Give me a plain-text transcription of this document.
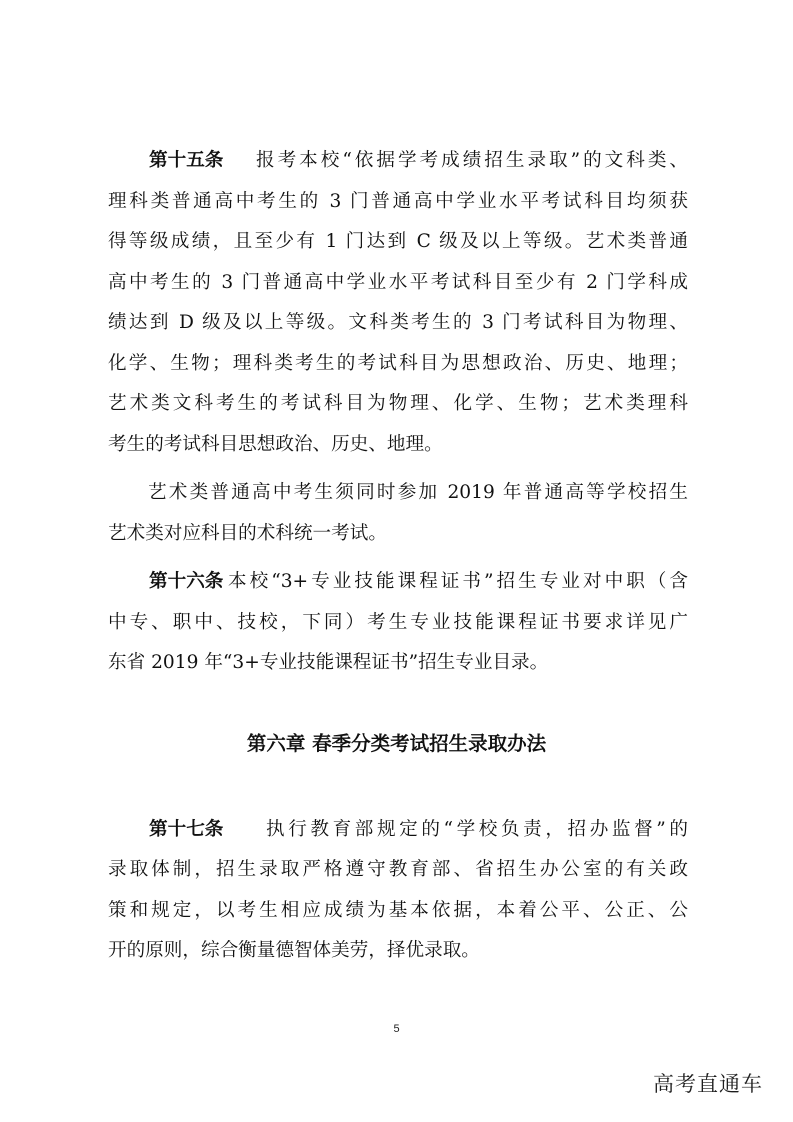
第十五条 报考本校“依据学考成绩招生录取”的文科类、
理科类普通高中考生的 3 门普通高中学业水平考试科目均须获
得等级成绩，且至少有 1 门达到 C 级及以上等级。艺术类普通
高中考生的 3 门普通高中学业水平考试科目至少有 2 门学科成
绩达到 D 级及以上等级。文科类考生的 3 门考试科目为物理、
化学、生物；理科类考生的考试科目为思想政治、历史、地理；
艺术类文科考生的考试科目为物理、化学、生物；艺术类理科
考生的考试科目思想政治、历史、地理。
艺术类普通高中考生须同时参加 2019 年普通高等学校招生
艺术类对应科目的术科统一考试。
第十六条 本校“3+专业技能课程证书”招生专业对中职（含
中专、职中、技校，下同）考生专业技能课程证书要求详见广
东省 2019 年“3+专业技能课程证书”招生专业目录。
第六章 春季分类考试招生录取办法
第十七条 执行教育部规定的“学校负责，招办监督”的
录取体制，招生录取严格遵守教育部、省招生办公室的有关政
策和规定，以考生相应成绩为基本依据，本着公平、公正、公
开的原则，综合衡量德智体美劳，择优录取。
5
高考直通车
